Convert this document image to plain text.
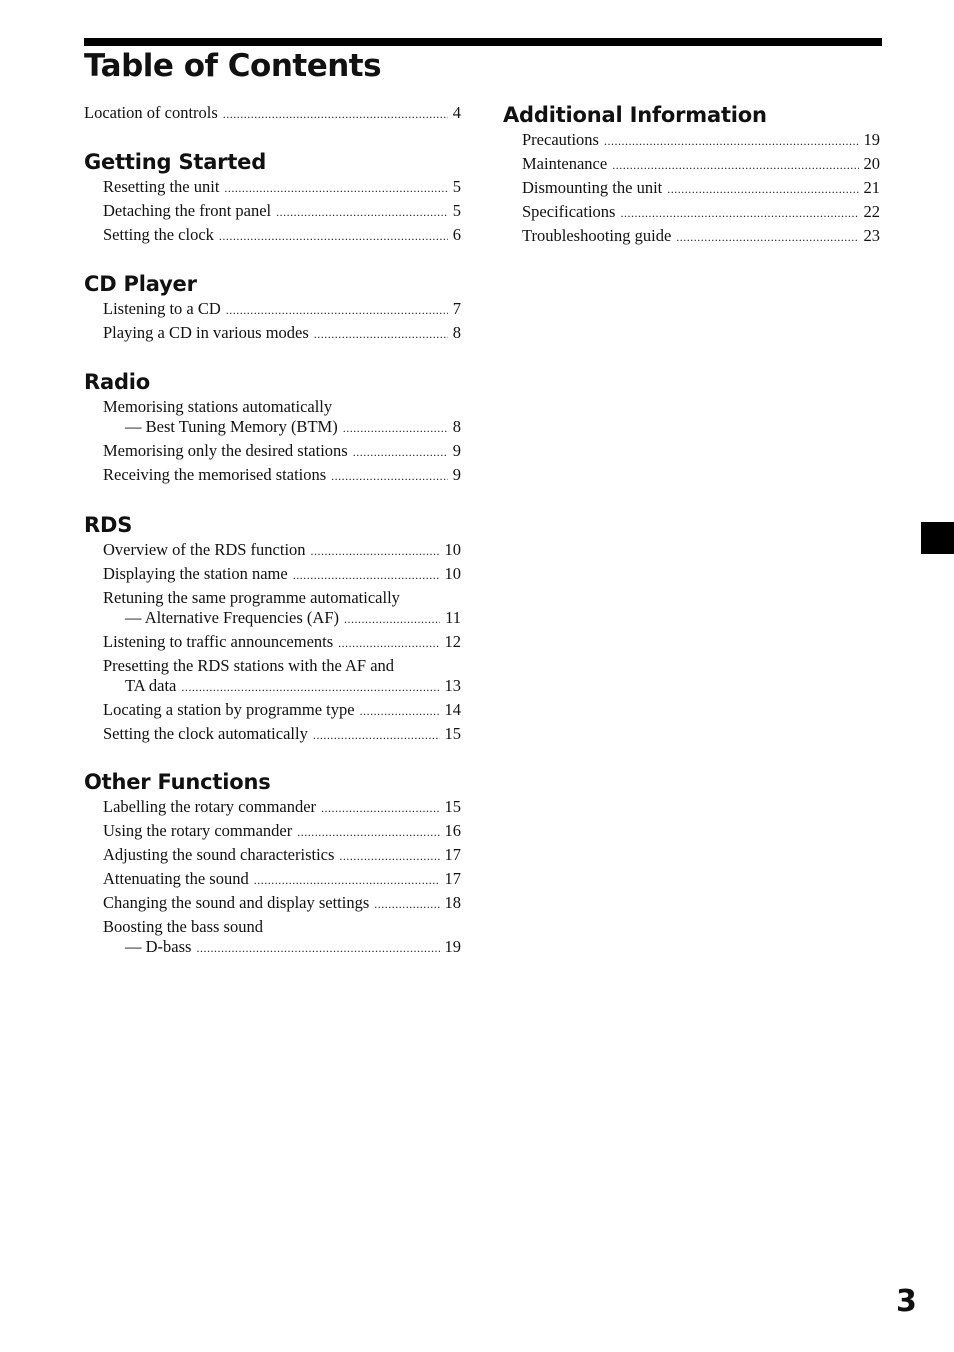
Table of Contents
Location of controls .....	4
Getting Started
Resetting the unit .....	5
Detaching the front panel .....	5
Setting the clock .....	6
CD Player
Listening to a CD .....	7
Playing a CD in various modes .....	8
Radio
Memorising stations automatically
— Best Tuning Memory (BTM) .....	8
Memorising only the desired stations .....	9
Receiving the memorised stations .....	9
RDS
Overview of the RDS function .....	10
Displaying the station name .....	10
Retuning the same programme automatically
— Alternative Frequencies (AF) .....	11
Listening to traffic announcements .....	12
Presetting the RDS stations with the AF and
TA data .....	13
Locating a station by programme type .....	14
Setting the clock automatically .....	15
Other Functions
Labelling the rotary commander .....	15
Using the rotary commander .....	16
Adjusting the sound characteristics .....	17
Attenuating the sound .....	17
Changing the sound and display settings .....	18
Boosting the bass sound
— D-bass .....	19
Additional Information
Precautions .....	19
Maintenance .....	20
Dismounting the unit .....	21
Specifications .....	22
Troubleshooting guide .....	23
3
